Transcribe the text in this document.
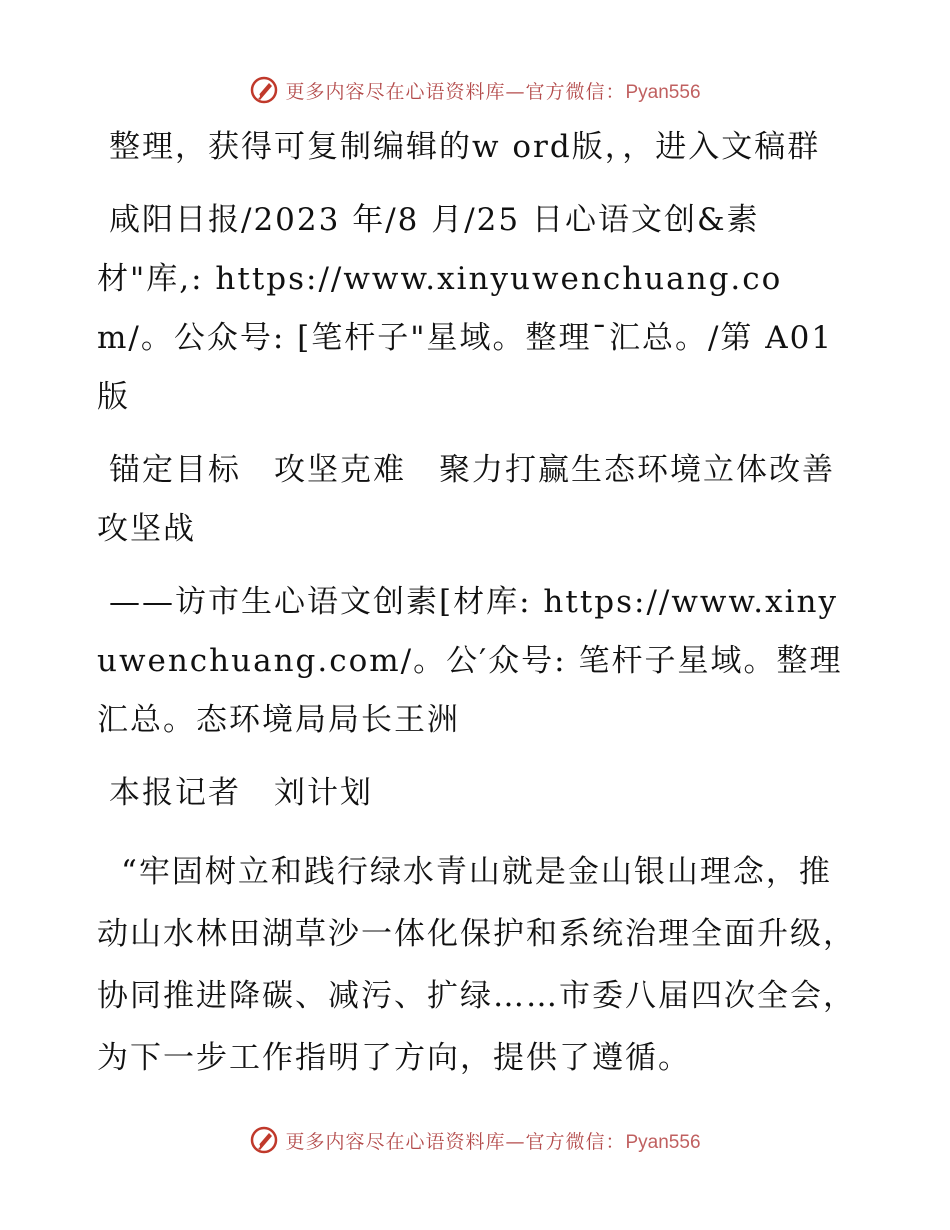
更多内容尽在心语资料库—官方微信：Pyan556

整理，获得可复制编辑的w ord版，，进入文稿群

咸阳日报/2023 年/8 月/25 日心语文创&素材"库,: https://www.xinyuwenchuang.com/。公众号: [笔杆子"星域。整理¯汇总。/第 A01 版

锚定目标　攻坚克难　聚力打赢生态环境立体改善攻坚战

——访市生心语文创素[材库: https://www.xinyuwenchuang.com/。公′众号: 笔杆子星域。整理汇总。态环境局局长王洲

本报记者　刘计划

“牢固树立和践行绿水青山就是金山银山理念，推动山水林田湖草沙一体化保护和系统治理全面升级，协同推进降碳、减污、扩绿……市委八届四次全会，为下一步工作指明了方向，提供了遵循。

更多内容尽在心语资料库—官方微信：Pyan556
